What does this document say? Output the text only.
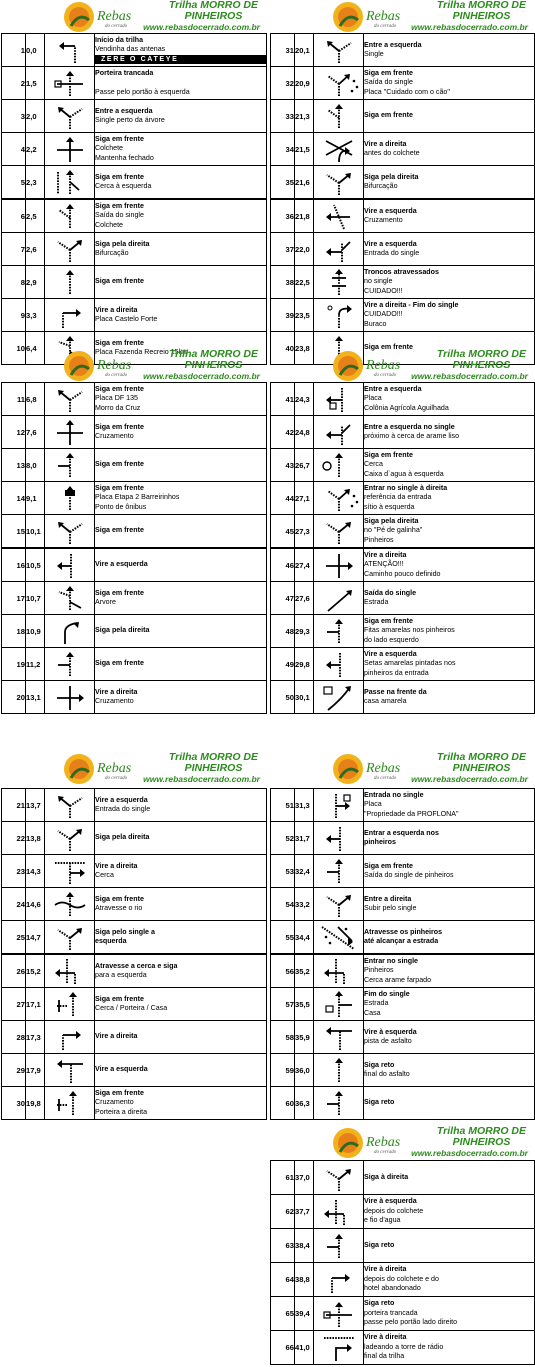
Rebas
do cerrado
Trilha MORRO DE
PINHEIROS
www.rebasdocerrado.com.br
1	0,0		Início da trilha
Vendinha das antenas
ZERE O CATEYE

2	1,5		Porteira trancada

Passe pelo portão à esquerda

3	2,0		Entre a esquerda
Single perto da árvore

4	2,2		Siga em frente
Colchete
Mantenha fechado

5	2,3		Siga em frente
Cerca à esquerda

6	2,5		Siga em frente
Saída do single
Colchete

7	2,6		Siga pela direita
Bifurcação

8	2,9		Siga em frente

9	3,3		Vire a direita
Placa Castelo Forte

10	6,4		Siga em frente
Placa Fazenda Recreio 15km
Rebas
do cerrado
Trilha MORRO DE
PINHEIROS
www.rebasdocerrado.com.br
31	20,1		Entre a esquerda
Single

32	20,9		Siga em frente
Saída do single
Placa "Cuidado com o cão"

33	21,3		Siga em frente

34	21,5		Vire a direita
antes do colchete

35	21,6		Siga pela direita
Bifurcação

36	21,8		Vire a esquerda
Cruzamento

37	22,0		Vire a esquerda
Entrada do single

38	22,5		Troncos atravessados
no single
CUIDADO!!!

39	23,5		Vire a direita - Fim do single
CUIDADO!!!
Buraco

40	23,8		Siga em frente
Rebas
do cerrado
Trilha MORRO DE
PINHEIROS
www.rebasdocerrado.com.br
11	6,8		Siga em frente
Placa DF 135
Morro da Cruz

12	7,6		Siga em frente
Cruzamento

13	8,0		Siga em frente

14	9,1		Siga em frente
Placa Etapa 2 Barreirinhos
Ponto de ônibus

15	10,1		Siga em frente

16	10,5		Vire a esquerda

17	10,7		Siga em frente
Arvore

18	10,9		Siga pela direita

19	11,2		Siga em frente

20	13,1		Vire a direita
Cruzamento
Rebas
do cerrado
Trilha MORRO DE
PINHEIROS
www.rebasdocerrado.com.br
41	24,3		Entre a esquerda
Placa
Colônia Agrícola Aguilhada

42	24,8		Entre a esquerda no single
próximo à cerca de arame liso

43	26,7		Siga em frente
Cerca
Caixa d`agua à esquerda

44	27,1		Entrar no single à direita
referência da entrada
sítio à esquerda

45	27,3		Siga pela direita
no "Pé de galinha"
Pinheiros

46	27,4		Vire a direita
ATENÇÃO!!!
Caminho pouco definido

47	27,6		Saída do single
Estrada

48	29,3		Siga em frente
Fitas amarelas nos pinheiros
do lado esquerdo

49	29,8		Vire a esquerda
Setas amarelas pintadas nos
pinheiros da entrada

50	30,1		Passe na frente da
casa amarela
Rebas
do cerrado
Trilha MORRO DE
PINHEIROS
www.rebasdocerrado.com.br
21	13,7		Vire a esquerda
Entrada do single

22	13,8		Siga pela direita

23	14,3		Vire a direita
Cerca

24	14,6		Siga em frente
Atravesse o rio

25	14,7		Siga pelo single a
esquerda

26	15,2		Atravesse a cerca e siga
para a esquerda

27	17,1		Siga em frente
Cerca / Porteira / Casa

28	17,3		Vire a direita

29	17,9		Vire a esquerda

30	19,8		Siga em frente
Cruzamento
Porteira a direita
Rebas
do cerrado
Trilha MORRO DE
PINHEIROS
www.rebasdocerrado.com.br
51	31,3		Entrada no single
Placa
"Propriedade da PROFLONA"

52	31,7		Entrar a esquerda nos
pinheiros

53	32,4		Siga em frente
Saída do single de pinheiros

54	33,2		Entre a direita
Subir pelo single

55	34,4		Atravesse os pinheiros
até alcançar a estrada

56	35,2		Entrar no single
Pinheiros
Cerca arame farpado

57	35,5		Fim do single
Estrada
Casa

58	35,9		Vire à esquerda
pista de asfalto

59	36,0		Siga reto
final do asfalto

60	36,3		Siga reto
Rebas
do cerrado
Trilha MORRO DE
PINHEIROS
www.rebasdocerrado.com.br
61	37,0		Siga à direita

62	37,7		Vire à esquerda
depois do colchete
e fio d'agua

63	38,4		Siga reto

64	38,8		Vire à direita
depois do colchete e do
hotel abandonado

65	39,4		Siga reto
porteira trancada
passe pelo portão lado direito

66	41,0		Vire à direita
ladeando a torre de rádio
final da trilha
